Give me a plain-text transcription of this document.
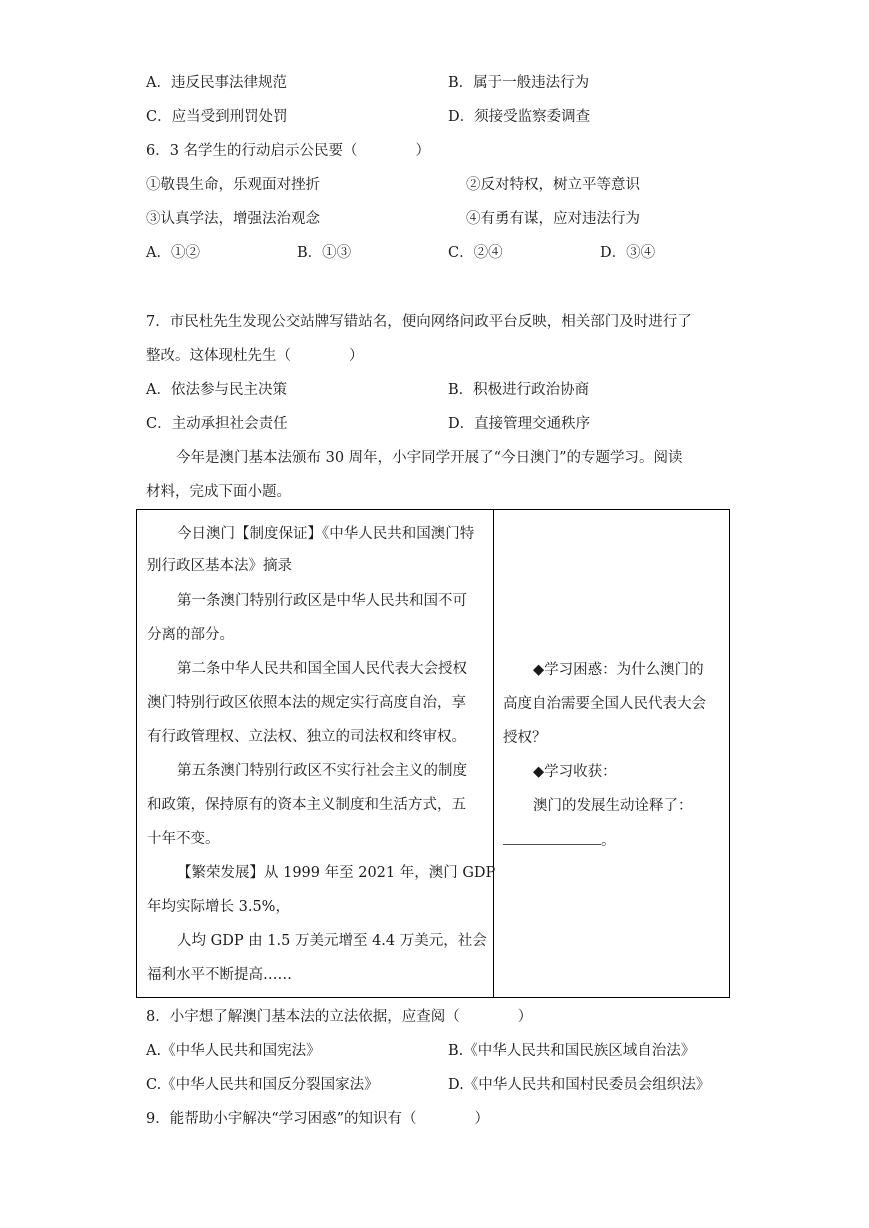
A．违反民事法律规范	B．属于一般违法行为
C．应当受到刑罚处罚	D．须接受监察委调查
6．3 名学生的行动启示公民要（　　　　）
①敬畏生命，乐观面对挫折	②反对特权，树立平等意识
③认真学法，增强法治观念	④有勇有谋，应对违法行为
A．①②	B．①③	C．②④	D．③④
7．市民杜先生发现公交站牌写错站名，便向网络问政平台反映，相关部门及时进行了
整改。这体现杜先生（　　　　）
A．依法参与民主决策	B．积极进行政治协商
C．主动承担社会责任	D．直接管理交通秩序
今年是澳门基本法颁布 30 周年，小宇同学开展了“今日澳门”的专题学习。阅读
材料，完成下面小题。
今日澳门【制度保证】《中华人民共和国澳门特
别行政区基本法》摘录
第一条澳门特别行政区是中华人民共和国不可
分离的部分。
第二条中华人民共和国全国人民代表大会授权
澳门特别行政区依照本法的规定实行高度自治，享
有行政管理权、立法权、独立的司法权和终审权。
第五条澳门特别行政区不实行社会主义的制度
和政策，保持原有的资本主义制度和生活方式，五
十年不变。
【繁荣发展】从 1999 年至 2021 年，澳门 GDP
年均实际增长 3.5%，
人均 GDP 由 1.5 万美元增至 4.4 万美元，社会
福利水平不断提高……
◆学习困惑：为什么澳门的
高度自治需要全国人民代表大会
授权？
◆学习收获：
澳门的发展生动诠释了：
。
8．小宇想了解澳门基本法的立法依据，应查阅（　　　　）
A.《中华人民共和国宪法》	B.《中华人民共和国民族区域自治法》
C.《中华人民共和国反分裂国家法》	D.《中华人民共和国村民委员会组织法》
9．能帮助小宇解决“学习困惑”的知识有（　　　　）
